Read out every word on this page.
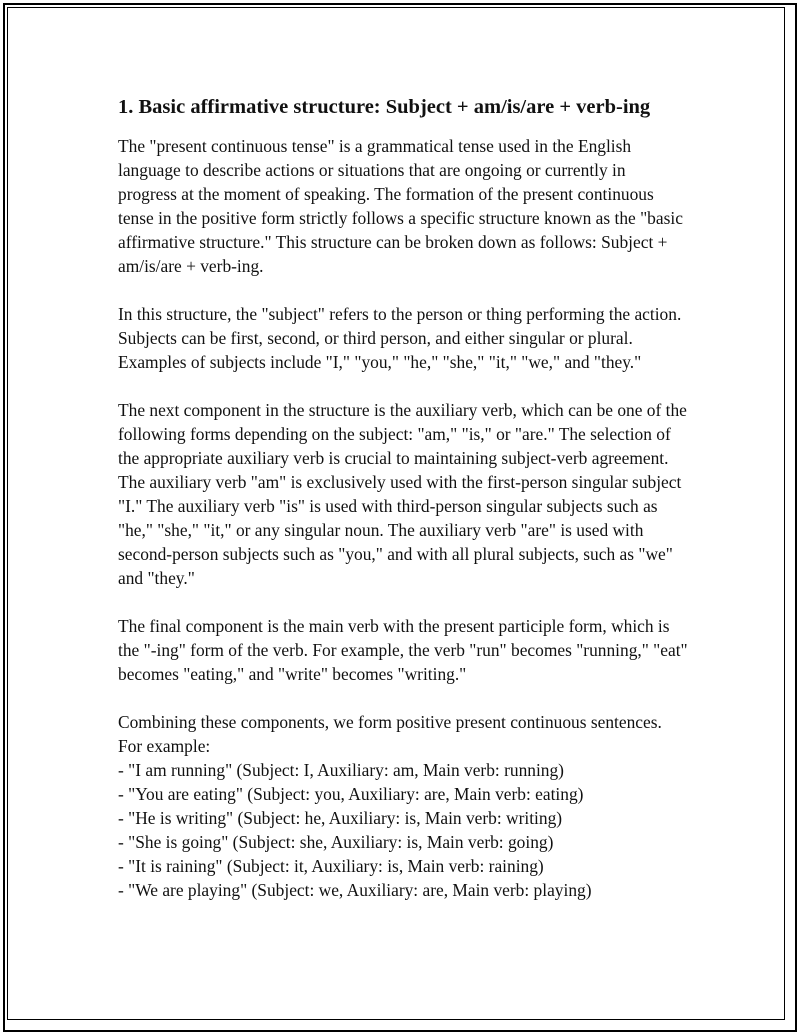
1. Basic affirmative structure: Subject + am/is/are + verb-ing

The "present continuous tense" is a grammatical tense used in the English language to describe actions or situations that are ongoing or currently in progress at the moment of speaking. The formation of the present continuous tense in the positive form strictly follows a specific structure known as the "basic affirmative structure." This structure can be broken down as follows: Subject + am/is/are + verb-ing.

In this structure, the "subject" refers to the person or thing performing the action. Subjects can be first, second, or third person, and either singular or plural. Examples of subjects include "I," "you," "he," "she," "it," "we," and "they."

The next component in the structure is the auxiliary verb, which can be one of the following forms depending on the subject: "am," "is," or "are." The selection of the appropriate auxiliary verb is crucial to maintaining subject-verb agreement. The auxiliary verb "am" is exclusively used with the first-person singular subject "I." The auxiliary verb "is" is used with third-person singular subjects such as "he," "she," "it," or any singular noun. The auxiliary verb "are" is used with second-person subjects such as "you," and with all plural subjects, such as "we" and "they."

The final component is the main verb with the present participle form, which is the "-ing" form of the verb. For example, the verb "run" becomes "running," "eat" becomes "eating," and "write" becomes "writing."

Combining these components, we form positive present continuous sentences. For example:

- "I am running" (Subject: I, Auxiliary: am, Main verb: running)
- "You are eating" (Subject: you, Auxiliary: are, Main verb: eating)
- "He is writing" (Subject: he, Auxiliary: is, Main verb: writing)
- "She is going" (Subject: she, Auxiliary: is, Main verb: going)
- "It is raining" (Subject: it, Auxiliary: is, Main verb: raining)
- "We are playing" (Subject: we, Auxiliary: are, Main verb: playing)
